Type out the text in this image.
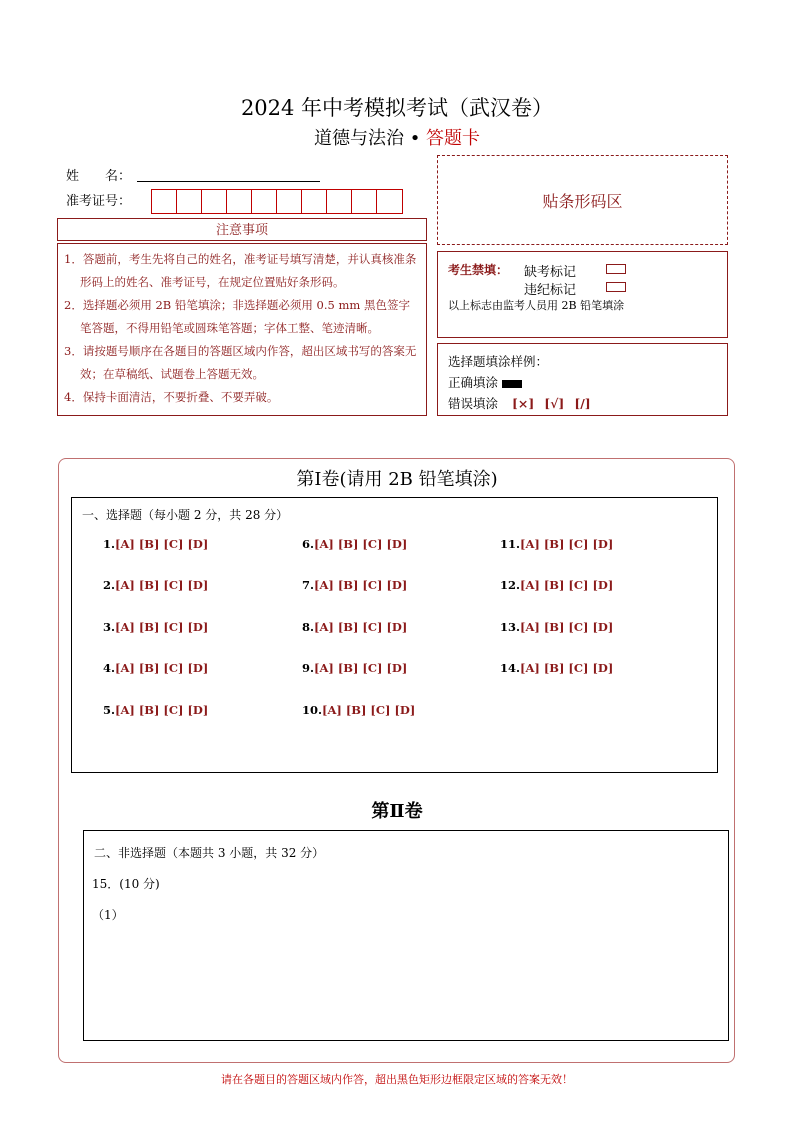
2024 年中考模拟考试（武汉卷）
道德与法治 • 答题卡
姓　　名：
准考证号：	贴条形码区
注意事项
1．答题前，考生先将自己的姓名，准考证号填写清楚，并认真核准条形码上的姓名、准考证号，在规定位置贴好条形码。
2．选择题必须用 2B 铅笔填涂；非选择题必须用 0.5 mm 黑色签字笔答题，不得用铅笔或圆珠笔答题；字体工整、笔迹清晰。
3．请按题号顺序在各题目的答题区域内作答，超出区域书写的答案无效；在草稿纸、试题卷上答题无效。
4．保持卡面清洁，不要折叠、不要弄破。
考生禁填： 缺考标记
违纪标记
以上标志由监考人员用 2B 铅笔填涂
选择题填涂样例：
正确填涂
错误填涂 [×] [√] [/]
第Ⅰ卷(请用 2B 铅笔填涂)
一、选择题（每小题 2 分，共 28 分）
1.[A] [B] [C] [D]
2.[A] [B] [C] [D]
3.[A] [B] [C] [D]
4.[A] [B] [C] [D]
5.[A] [B] [C] [D]
6.[A] [B] [C] [D]
7.[A] [B] [C] [D]
8.[A] [B] [C] [D]
9.[A] [B] [C] [D]
10.[A] [B] [C] [D]
11.[A] [B] [C] [D]
12.[A] [B] [C] [D]
13.[A] [B] [C] [D]
14.[A] [B] [C] [D]
第Ⅱ卷
二、非选择题（本题共 3 小题，共 32 分）
15．(10 分)
（1）
请在各题目的答题区域内作答，超出黑色矩形边框限定区域的答案无效！
